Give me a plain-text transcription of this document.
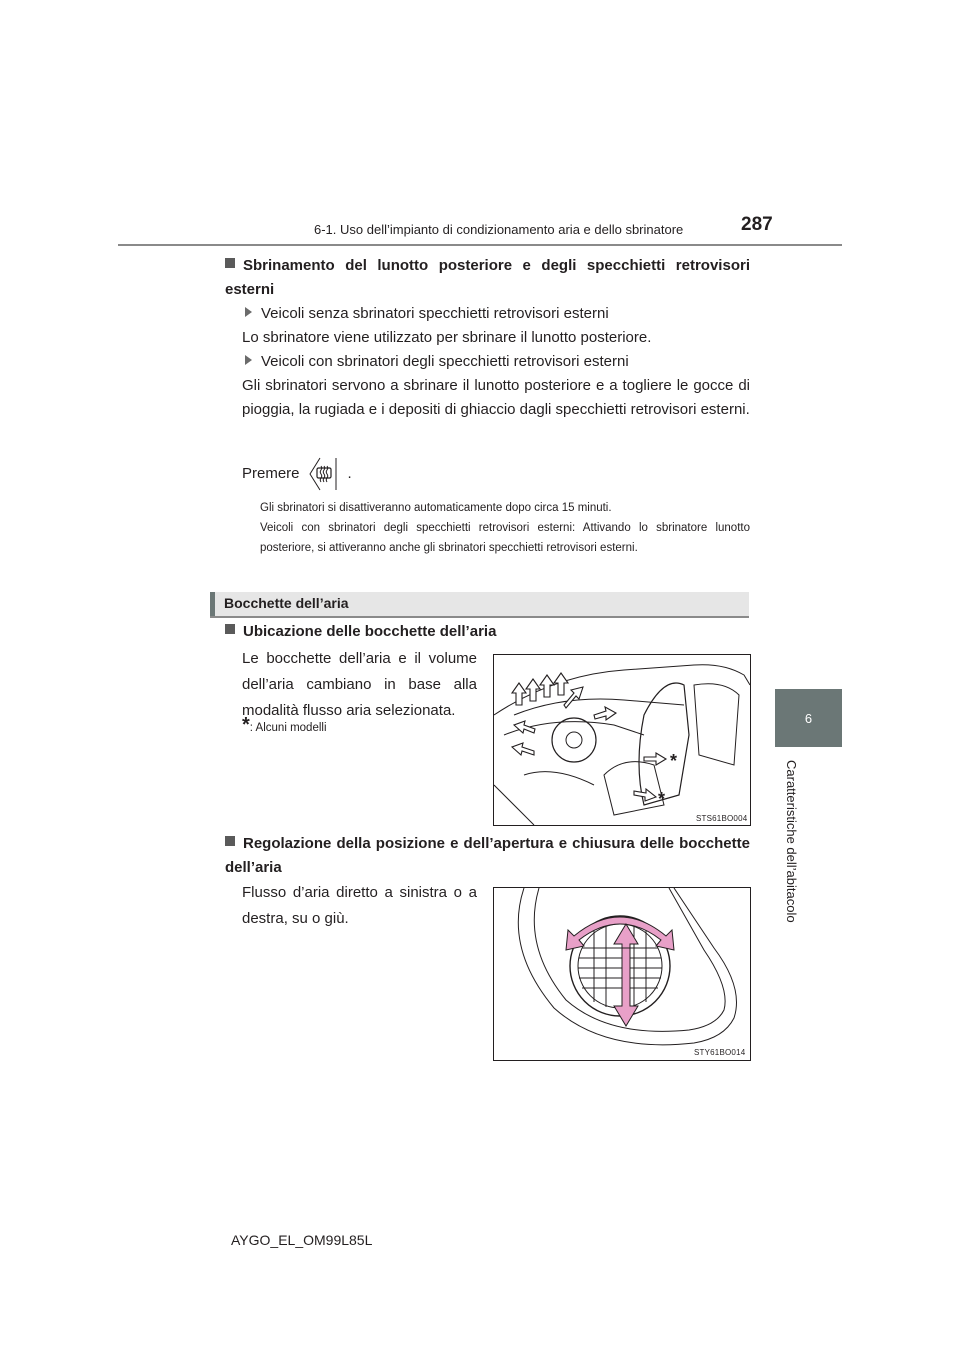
6-1. Uso dell’impianto di condizionamento aria e dello sbrinatore	287
6
Caratteristiche dell’abitacolo
Sbrinamento del lunotto posteriore e degli specchietti retrovisori esterni
Veicoli senza sbrinatori specchietti retrovisori esterni
Lo sbrinatore viene utilizzato per sbrinare il lunotto posteriore.
Veicoli con sbrinatori degli specchietti retrovisori esterni
Gli sbrinatori servono a sbrinare il lunotto posteriore e a togliere le gocce di pioggia, la rugiada e i depositi di ghiaccio dagli specchietti retrovisori esterni.
Premere	.
Gli sbrinatori si disattiveranno automaticamente dopo circa 15 minuti.
Veicoli con sbrinatori degli specchietti retrovisori esterni: Attivando lo sbrinatore lunotto posteriore, si attiveranno anche gli sbrinatori specchietti retrovisori esterni.
Bocchette dell’aria
Ubicazione delle bocchette dell’aria
Le bocchette dell’aria e il volume dell’aria cambiano in base alla modalità flusso aria selezionata.
*: Alcuni modelli
*
*
STS61BO004
Regolazione della posizione e dell’apertura e chiusura delle bocchette dell’aria
Flusso d’aria diretto a sinistra o a destra, su o giù.
STY61BO014
AYGO_EL_OM99L85L
